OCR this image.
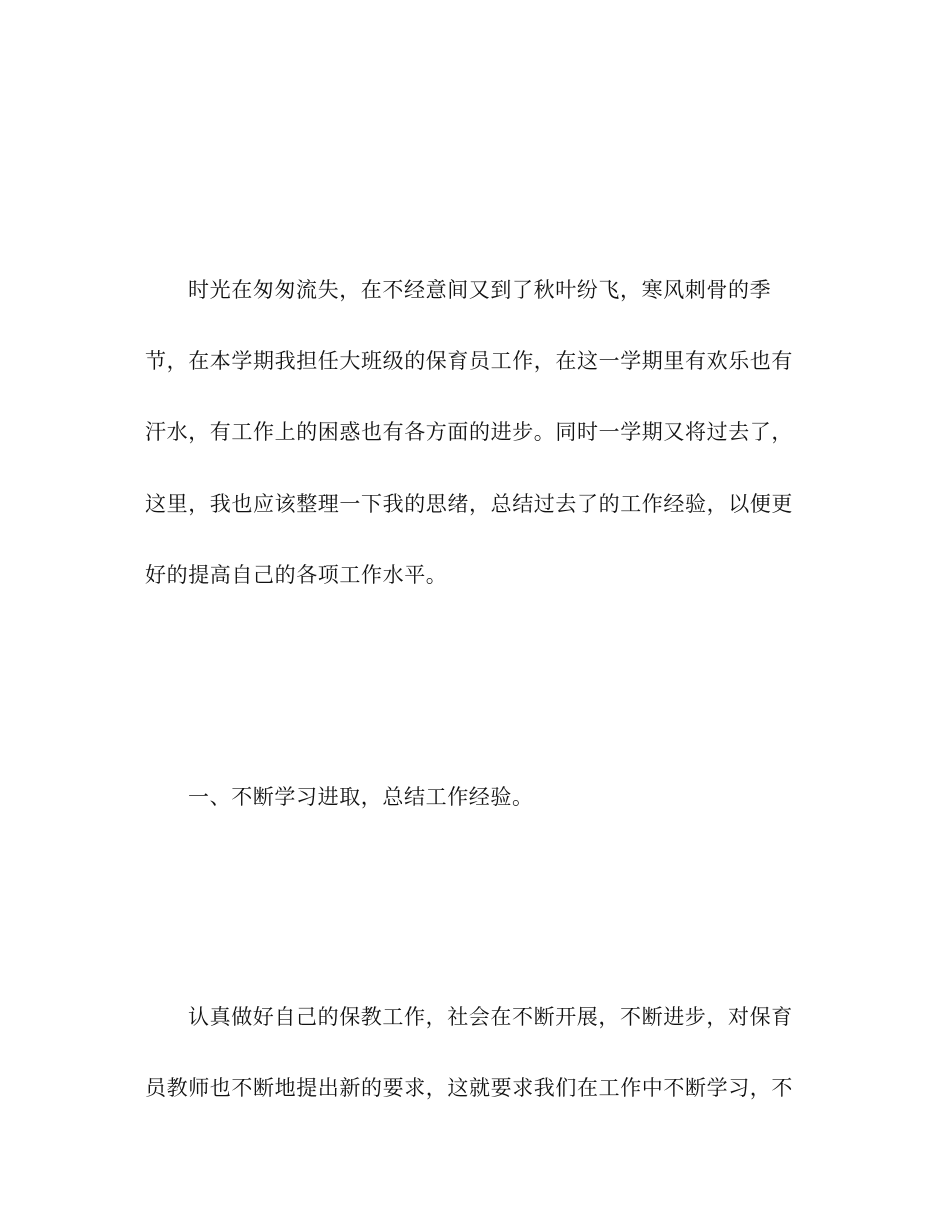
时光在匆匆流失，在不经意间又到了秋叶纷飞，寒风刺骨的季
节，在本学期我担任大班级的保育员工作，在这一学期里有欢乐也有
汗水，有工作上的困惑也有各方面的进步。同时一学期又将过去了，
这里，我也应该整理一下我的思绪，总结过去了的工作经验，以便更
好的提高自己的各项工作水平。
一、不断学习进取，总结工作经验。
认真做好自己的保教工作，社会在不断开展，不断进步，对保育
员教师也不断地提出新的要求，这就要求我们在工作中不断学习，不
